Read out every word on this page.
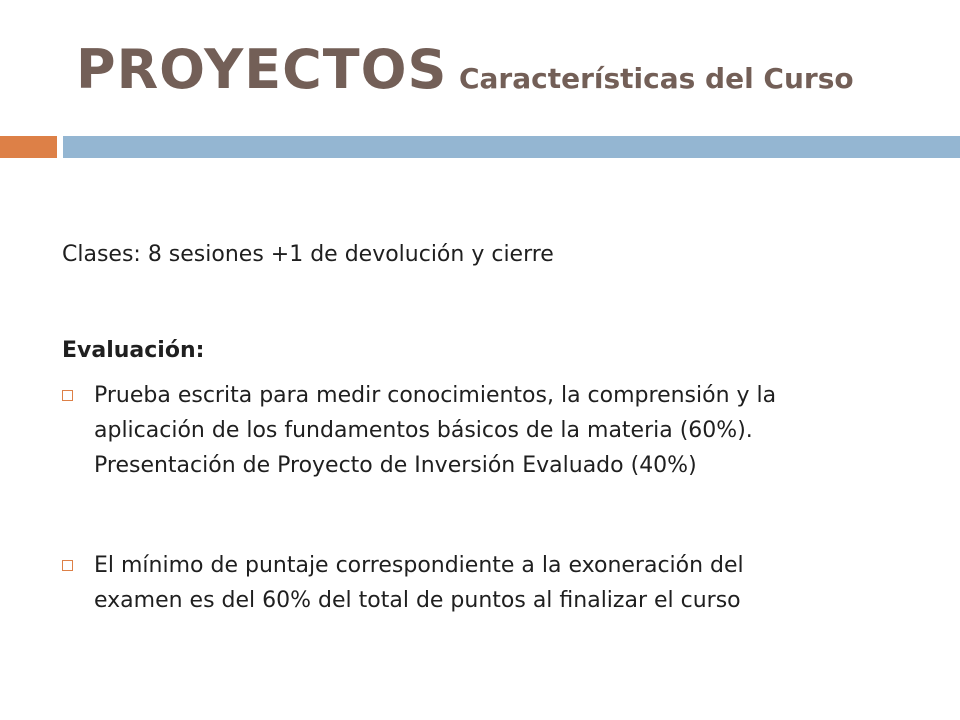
PROYECTOS Características del Curso
Clases: 8 sesiones +1 de devolución y cierre
Evaluación:
Prueba escrita para medir conocimientos, la comprensión y la
aplicación de los fundamentos básicos de la materia (60%).
Presentación de Proyecto de Inversión Evaluado (40%)
El mínimo de puntaje correspondiente a la exoneración del
examen es del 60% del total de puntos al finalizar el curso
